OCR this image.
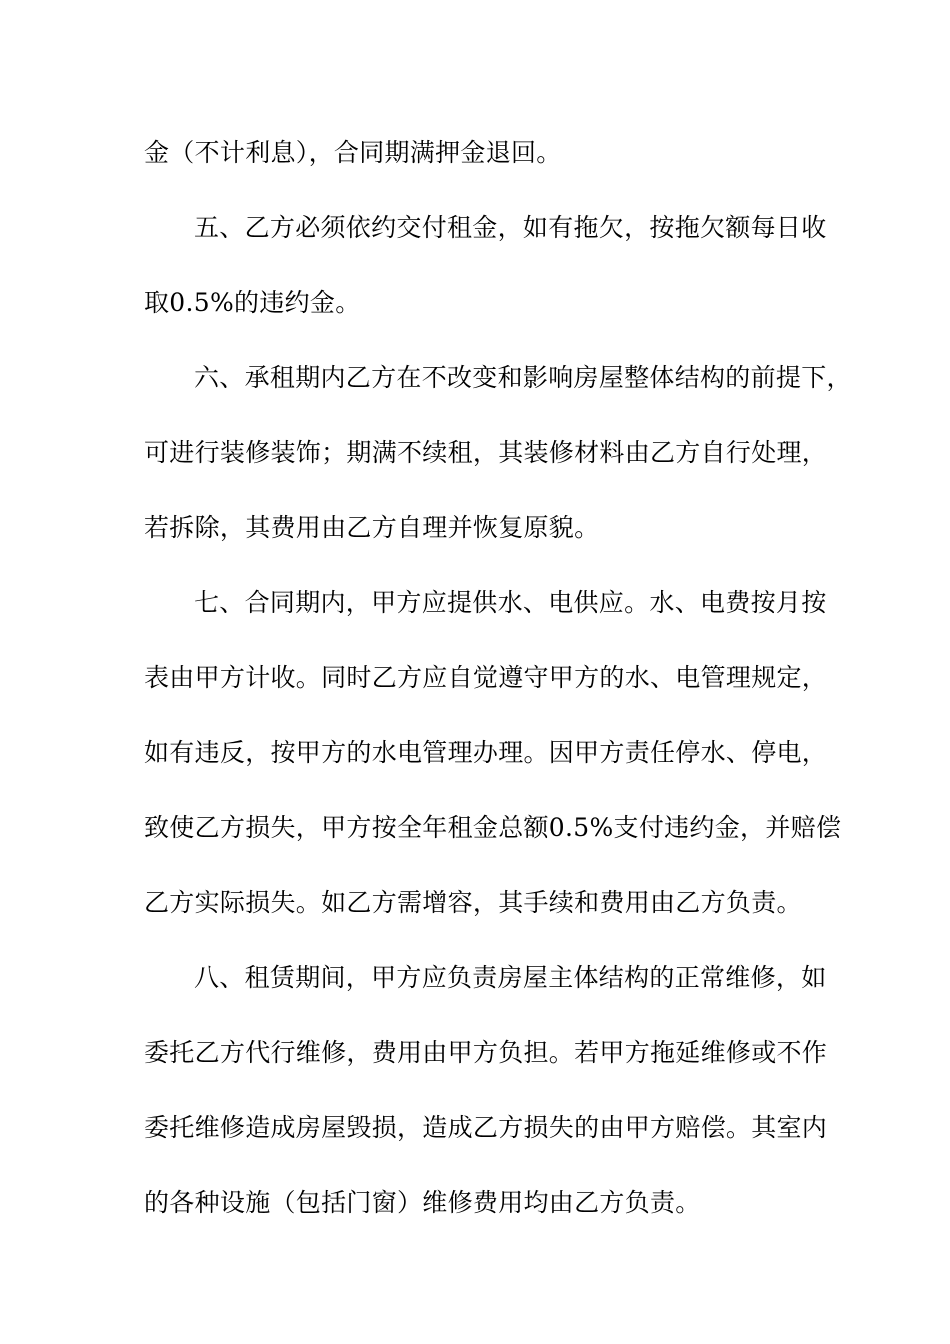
金（不计利息），合同期满押金退回。
五、乙方必须依约交付租金，如有拖欠，按拖欠额每日收
取0.5%的违约金。
六、承租期内乙方在不改变和影响房屋整体结构的前提下，
可进行装修装饰；期满不续租，其装修材料由乙方自行处理，
若拆除，其费用由乙方自理并恢复原貌。
七、合同期内，甲方应提供水、电供应。水、电费按月按
表由甲方计收。同时乙方应自觉遵守甲方的水、电管理规定，
如有违反，按甲方的水电管理办理。因甲方责任停水、停电，
致使乙方损失，甲方按全年租金总额0.5%支付违约金，并赔偿
乙方实际损失。如乙方需增容，其手续和费用由乙方负责。
八、租赁期间，甲方应负责房屋主体结构的正常维修，如
委托乙方代行维修，费用由甲方负担。若甲方拖延维修或不作
委托维修造成房屋毁损，造成乙方损失的由甲方赔偿。其室内
的各种设施（包括门窗）维修费用均由乙方负责。
